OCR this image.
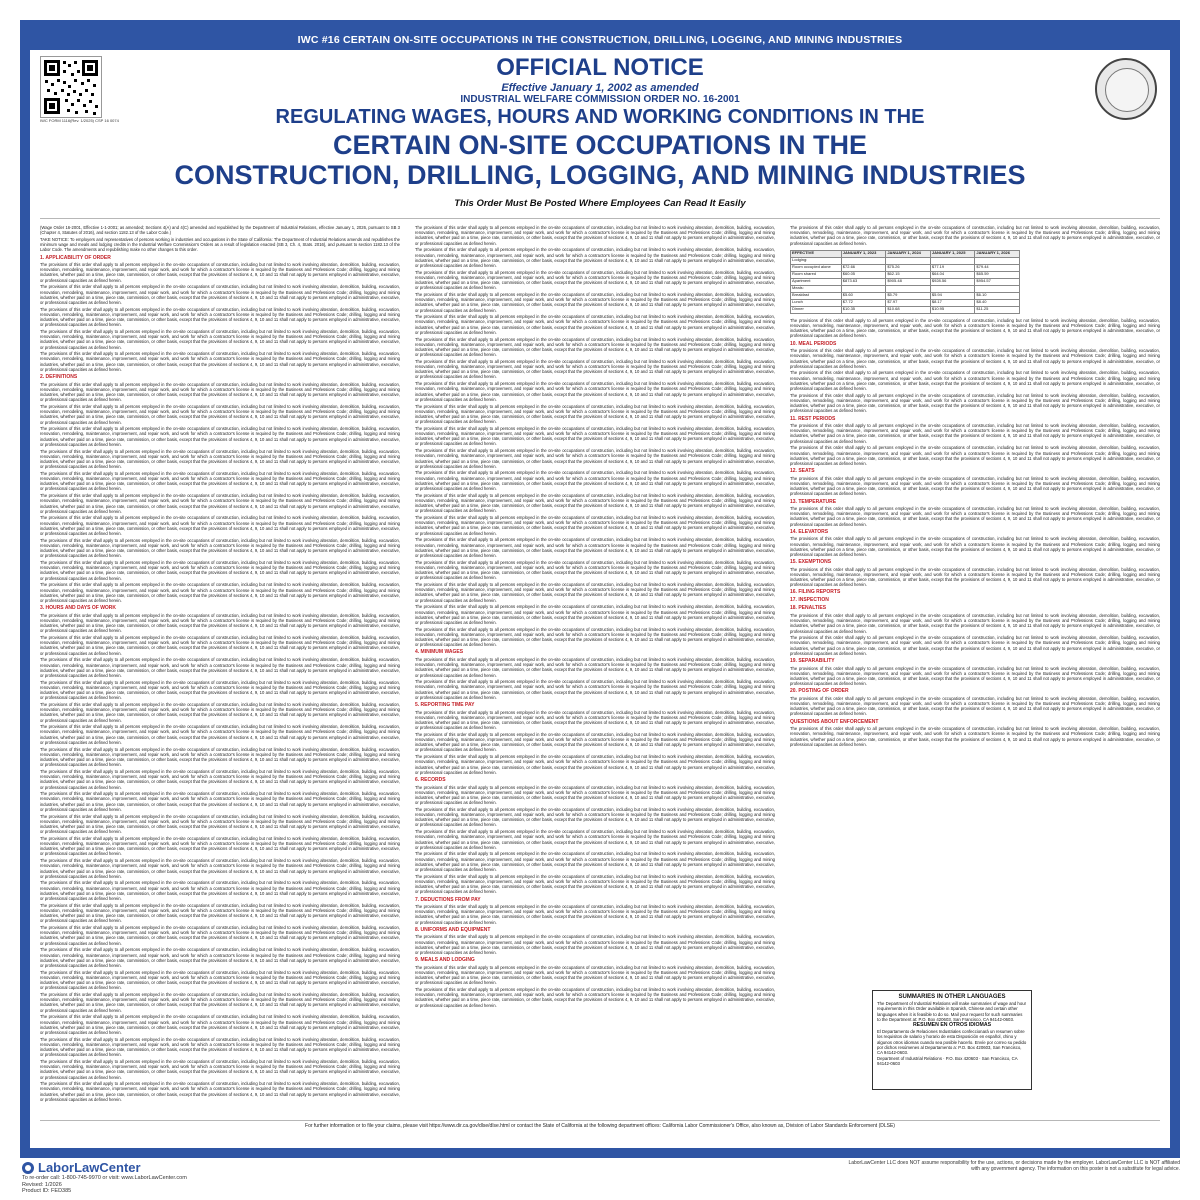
IWC #16 CERTAIN ON-SITE OCCUPATIONS IN THE CONSTRUCTION, DRILLING, LOGGING, AND MINING INDUSTRIES
IWC FORM 1116(Rev. 1/2025) CSP 16 0074
OFFICIAL NOTICE
Effective January 1, 2002 as amended
INDUSTRIAL WELFARE COMMISSION ORDER NO. 16-2001
REGULATING WAGES, HOURS AND WORKING CONDITIONS IN THE
CERTAIN ON-SITE OCCUPATIONS IN THE
CONSTRUCTION, DRILLING, LOGGING, AND MINING INDUSTRIES
This Order Must Be Posted Where Employees Can Read It Easily

(Wage Order 16-2001, Effective 1-1-2001; as amended; Sections 4(A) and 4(C) amended and republished by the Department of Industrial Relations, effective January 1, 2026, pursuant to SB 3 (Chapter 4, Statutes of 2016), and section 1182.13 of the Labor Code.)

TAKE NOTICE: To employers and representatives of persons working in industries and occupations in the State of California: The Department of Industrial Relations amends and republishes the minimum wage and meals and lodging credits in the Industrial Welfare Commission's Orders as a result of legislation enacted (SB 3, Ch. 4, Stats. 2016), and pursuant to section 1182.13 of the Labor Code. The amendments and republishing make no other changes to this order.

1. APPLICABILITY OF ORDER

The provisions of this order shall apply to all persons employed in the on-site occupations of construction, including but not limited to work involving alteration, demolition, building, excavation, renovation, remodeling, maintenance, improvement, and repair work, and work for which a contractor's license is required by the Business and Professions Code; drilling, logging and mining industries, whether paid on a time, piece rate, commission, or other basis, except that the provisions of sections 4, 9, 10 and 11 shall not apply to persons employed in administrative, executive, or professional capacities as defined herein.

The provisions of this order shall apply to all persons employed in the on-site occupations of construction, including but not limited to work involving alteration, demolition, building, excavation, renovation, remodeling, maintenance, improvement, and repair work, and work for which a contractor's license is required by the Business and Professions Code; drilling, logging and mining industries, whether paid on a time, piece rate, commission, or other basis, except that the provisions of sections 4, 9, 10 and 11 shall not apply to persons employed in administrative, executive, or professional capacities as defined herein.

The provisions of this order shall apply to all persons employed in the on-site occupations of construction, including but not limited to work involving alteration, demolition, building, excavation, renovation, remodeling, maintenance, improvement, and repair work, and work for which a contractor's license is required by the Business and Professions Code; drilling, logging and mining industries, whether paid on a time, piece rate, commission, or other basis, except that the provisions of sections 4, 9, 10 and 11 shall not apply to persons employed in administrative, executive, or professional capacities as defined herein.

The provisions of this order shall apply to all persons employed in the on-site occupations of construction, including but not limited to work involving alteration, demolition, building, excavation, renovation, remodeling, maintenance, improvement, and repair work, and work for which a contractor's license is required by the Business and Professions Code; drilling, logging and mining industries, whether paid on a time, piece rate, commission, or other basis, except that the provisions of sections 4, 9, 10 and 11 shall not apply to persons employed in administrative, executive, or professional capacities as defined herein.

The provisions of this order shall apply to all persons employed in the on-site occupations of construction, including but not limited to work involving alteration, demolition, building, excavation, renovation, remodeling, maintenance, improvement, and repair work, and work for which a contractor's license is required by the Business and Professions Code; drilling, logging and mining industries, whether paid on a time, piece rate, commission, or other basis, except that the provisions of sections 4, 9, 10 and 11 shall not apply to persons employed in administrative, executive, or professional capacities as defined herein.

2. DEFINITIONS

The provisions of this order shall apply to all persons employed in the on-site occupations of construction, including but not limited to work involving alteration, demolition, building, excavation, renovation, remodeling, maintenance, improvement, and repair work, and work for which a contractor's license is required by the Business and Professions Code; drilling, logging and mining industries, whether paid on a time, piece rate, commission, or other basis, except that the provisions of sections 4, 9, 10 and 11 shall not apply to persons employed in administrative, executive, or professional capacities as defined herein.

The provisions of this order shall apply to all persons employed in the on-site occupations of construction, including but not limited to work involving alteration, demolition, building, excavation, renovation, remodeling, maintenance, improvement, and repair work, and work for which a contractor's license is required by the Business and Professions Code; drilling, logging and mining industries, whether paid on a time, piece rate, commission, or other basis, except that the provisions of sections 4, 9, 10 and 11 shall not apply to persons employed in administrative, executive, or professional capacities as defined herein.

The provisions of this order shall apply to all persons employed in the on-site occupations of construction, including but not limited to work involving alteration, demolition, building, excavation, renovation, remodeling, maintenance, improvement, and repair work, and work for which a contractor's license is required by the Business and Professions Code; drilling, logging and mining industries, whether paid on a time, piece rate, commission, or other basis, except that the provisions of sections 4, 9, 10 and 11 shall not apply to persons employed in administrative, executive, or professional capacities as defined herein.

The provisions of this order shall apply to all persons employed in the on-site occupations of construction, including but not limited to work involving alteration, demolition, building, excavation, renovation, remodeling, maintenance, improvement, and repair work, and work for which a contractor's license is required by the Business and Professions Code; drilling, logging and mining industries, whether paid on a time, piece rate, commission, or other basis, except that the provisions of sections 4, 9, 10 and 11 shall not apply to persons employed in administrative, executive, or professional capacities as defined herein.

The provisions of this order shall apply to all persons employed in the on-site occupations of construction, including but not limited to work involving alteration, demolition, building, excavation, renovation, remodeling, maintenance, improvement, and repair work, and work for which a contractor's license is required by the Business and Professions Code; drilling, logging and mining industries, whether paid on a time, piece rate, commission, or other basis, except that the provisions of sections 4, 9, 10 and 11 shall not apply to persons employed in administrative, executive, or professional capacities as defined herein.

The provisions of this order shall apply to all persons employed in the on-site occupations of construction, including but not limited to work involving alteration, demolition, building, excavation, renovation, remodeling, maintenance, improvement, and repair work, and work for which a contractor's license is required by the Business and Professions Code; drilling, logging and mining industries, whether paid on a time, piece rate, commission, or other basis, except that the provisions of sections 4, 9, 10 and 11 shall not apply to persons employed in administrative, executive, or professional capacities as defined herein.

The provisions of this order shall apply to all persons employed in the on-site occupations of construction, including but not limited to work involving alteration, demolition, building, excavation, renovation, remodeling, maintenance, improvement, and repair work, and work for which a contractor's license is required by the Business and Professions Code; drilling, logging and mining industries, whether paid on a time, piece rate, commission, or other basis, except that the provisions of sections 4, 9, 10 and 11 shall not apply to persons employed in administrative, executive, or professional capacities as defined herein.

The provisions of this order shall apply to all persons employed in the on-site occupations of construction, including but not limited to work involving alteration, demolition, building, excavation, renovation, remodeling, maintenance, improvement, and repair work, and work for which a contractor's license is required by the Business and Professions Code; drilling, logging and mining industries, whether paid on a time, piece rate, commission, or other basis, except that the provisions of sections 4, 9, 10 and 11 shall not apply to persons employed in administrative, executive, or professional capacities as defined herein.

The provisions of this order shall apply to all persons employed in the on-site occupations of construction, including but not limited to work involving alteration, demolition, building, excavation, renovation, remodeling, maintenance, improvement, and repair work, and work for which a contractor's license is required by the Business and Professions Code; drilling, logging and mining industries, whether paid on a time, piece rate, commission, or other basis, except that the provisions of sections 4, 9, 10 and 11 shall not apply to persons employed in administrative, executive, or professional capacities as defined herein.

The provisions of this order shall apply to all persons employed in the on-site occupations of construction, including but not limited to work involving alteration, demolition, building, excavation, renovation, remodeling, maintenance, improvement, and repair work, and work for which a contractor's license is required by the Business and Professions Code; drilling, logging and mining industries, whether paid on a time, piece rate, commission, or other basis, except that the provisions of sections 4, 9, 10 and 11 shall not apply to persons employed in administrative, executive, or professional capacities as defined herein.

3. HOURS AND DAYS OF WORK

The provisions of this order shall apply to all persons employed in the on-site occupations of construction, including but not limited to work involving alteration, demolition, building, excavation, renovation, remodeling, maintenance, improvement, and repair work, and work for which a contractor's license is required by the Business and Professions Code; drilling, logging and mining industries, whether paid on a time, piece rate, commission, or other basis, except that the provisions of sections 4, 9, 10 and 11 shall not apply to persons employed in administrative, executive, or professional capacities as defined herein.

The provisions of this order shall apply to all persons employed in the on-site occupations of construction, including but not limited to work involving alteration, demolition, building, excavation, renovation, remodeling, maintenance, improvement, and repair work, and work for which a contractor's license is required by the Business and Professions Code; drilling, logging and mining industries, whether paid on a time, piece rate, commission, or other basis, except that the provisions of sections 4, 9, 10 and 11 shall not apply to persons employed in administrative, executive, or professional capacities as defined herein.

The provisions of this order shall apply to all persons employed in the on-site occupations of construction, including but not limited to work involving alteration, demolition, building, excavation, renovation, remodeling, maintenance, improvement, and repair work, and work for which a contractor's license is required by the Business and Professions Code; drilling, logging and mining industries, whether paid on a time, piece rate, commission, or other basis, except that the provisions of sections 4, 9, 10 and 11 shall not apply to persons employed in administrative, executive, or professional capacities as defined herein.

The provisions of this order shall apply to all persons employed in the on-site occupations of construction, including but not limited to work involving alteration, demolition, building, excavation, renovation, remodeling, maintenance, improvement, and repair work, and work for which a contractor's license is required by the Business and Professions Code; drilling, logging and mining industries, whether paid on a time, piece rate, commission, or other basis, except that the provisions of sections 4, 9, 10 and 11 shall not apply to persons employed in administrative, executive, or professional capacities as defined herein.

The provisions of this order shall apply to all persons employed in the on-site occupations of construction, including but not limited to work involving alteration, demolition, building, excavation, renovation, remodeling, maintenance, improvement, and repair work, and work for which a contractor's license is required by the Business and Professions Code; drilling, logging and mining industries, whether paid on a time, piece rate, commission, or other basis, except that the provisions of sections 4, 9, 10 and 11 shall not apply to persons employed in administrative, executive, or professional capacities as defined herein.

The provisions of this order shall apply to all persons employed in the on-site occupations of construction, including but not limited to work involving alteration, demolition, building, excavation, renovation, remodeling, maintenance, improvement, and repair work, and work for which a contractor's license is required by the Business and Professions Code; drilling, logging and mining industries, whether paid on a time, piece rate, commission, or other basis, except that the provisions of sections 4, 9, 10 and 11 shall not apply to persons employed in administrative, executive, or professional capacities as defined herein.

The provisions of this order shall apply to all persons employed in the on-site occupations of construction, including but not limited to work involving alteration, demolition, building, excavation, renovation, remodeling, maintenance, improvement, and repair work, and work for which a contractor's license is required by the Business and Professions Code; drilling, logging and mining industries, whether paid on a time, piece rate, commission, or other basis, except that the provisions of sections 4, 9, 10 and 11 shall not apply to persons employed in administrative, executive, or professional capacities as defined herein.

The provisions of this order shall apply to all persons employed in the on-site occupations of construction, including but not limited to work involving alteration, demolition, building, excavation, renovation, remodeling, maintenance, improvement, and repair work, and work for which a contractor's license is required by the Business and Professions Code; drilling, logging and mining industries, whether paid on a time, piece rate, commission, or other basis, except that the provisions of sections 4, 9, 10 and 11 shall not apply to persons employed in administrative, executive, or professional capacities as defined herein.

The provisions of this order shall apply to all persons employed in the on-site occupations of construction, including but not limited to work involving alteration, demolition, building, excavation, renovation, remodeling, maintenance, improvement, and repair work, and work for which a contractor's license is required by the Business and Professions Code; drilling, logging and mining industries, whether paid on a time, piece rate, commission, or other basis, except that the provisions of sections 4, 9, 10 and 11 shall not apply to persons employed in administrative, executive, or professional capacities as defined herein.

The provisions of this order shall apply to all persons employed in the on-site occupations of construction, including but not limited to work involving alteration, demolition, building, excavation, renovation, remodeling, maintenance, improvement, and repair work, and work for which a contractor's license is required by the Business and Professions Code; drilling, logging and mining industries, whether paid on a time, piece rate, commission, or other basis, except that the provisions of sections 4, 9, 10 and 11 shall not apply to persons employed in administrative, executive, or professional capacities as defined herein.

The provisions of this order shall apply to all persons employed in the on-site occupations of construction, including but not limited to work involving alteration, demolition, building, excavation, renovation, remodeling, maintenance, improvement, and repair work, and work for which a contractor's license is required by the Business and Professions Code; drilling, logging and mining industries, whether paid on a time, piece rate, commission, or other basis, except that the provisions of sections 4, 9, 10 and 11 shall not apply to persons employed in administrative, executive, or professional capacities as defined herein.

The provisions of this order shall apply to all persons employed in the on-site occupations of construction, including but not limited to work involving alteration, demolition, building, excavation, renovation, remodeling, maintenance, improvement, and repair work, and work for which a contractor's license is required by the Business and Professions Code; drilling, logging and mining industries, whether paid on a time, piece rate, commission, or other basis, except that the provisions of sections 4, 9, 10 and 11 shall not apply to persons employed in administrative, executive, or professional capacities as defined herein.

The provisions of this order shall apply to all persons employed in the on-site occupations of construction, including but not limited to work involving alteration, demolition, building, excavation, renovation, remodeling, maintenance, improvement, and repair work, and work for which a contractor's license is required by the Business and Professions Code; drilling, logging and mining industries, whether paid on a time, piece rate, commission, or other basis, except that the provisions of sections 4, 9, 10 and 11 shall not apply to persons employed in administrative, executive, or professional capacities as defined herein.

The provisions of this order shall apply to all persons employed in the on-site occupations of construction, including but not limited to work involving alteration, demolition, building, excavation, renovation, remodeling, maintenance, improvement, and repair work, and work for which a contractor's license is required by the Business and Professions Code; drilling, logging and mining industries, whether paid on a time, piece rate, commission, or other basis, except that the provisions of sections 4, 9, 10 and 11 shall not apply to persons employed in administrative, executive, or professional capacities as defined herein.

The provisions of this order shall apply to all persons employed in the on-site occupations of construction, including but not limited to work involving alteration, demolition, building, excavation, renovation, remodeling, maintenance, improvement, and repair work, and work for which a contractor's license is required by the Business and Professions Code; drilling, logging and mining industries, whether paid on a time, piece rate, commission, or other basis, except that the provisions of sections 4, 9, 10 and 11 shall not apply to persons employed in administrative, executive, or professional capacities as defined herein.

The provisions of this order shall apply to all persons employed in the on-site occupations of construction, including but not limited to work involving alteration, demolition, building, excavation, renovation, remodeling, maintenance, improvement, and repair work, and work for which a contractor's license is required by the Business and Professions Code; drilling, logging and mining industries, whether paid on a time, piece rate, commission, or other basis, except that the provisions of sections 4, 9, 10 and 11 shall not apply to persons employed in administrative, executive, or professional capacities as defined herein.

The provisions of this order shall apply to all persons employed in the on-site occupations of construction, including but not limited to work involving alteration, demolition, building, excavation, renovation, remodeling, maintenance, improvement, and repair work, and work for which a contractor's license is required by the Business and Professions Code; drilling, logging and mining industries, whether paid on a time, piece rate, commission, or other basis, except that the provisions of sections 4, 9, 10 and 11 shall not apply to persons employed in administrative, executive, or professional capacities as defined herein.

The provisions of this order shall apply to all persons employed in the on-site occupations of construction, including but not limited to work involving alteration, demolition, building, excavation, renovation, remodeling, maintenance, improvement, and repair work, and work for which a contractor's license is required by the Business and Professions Code; drilling, logging and mining industries, whether paid on a time, piece rate, commission, or other basis, except that the provisions of sections 4, 9, 10 and 11 shall not apply to persons employed in administrative, executive, or professional capacities as defined herein.

The provisions of this order shall apply to all persons employed in the on-site occupations of construction, including but not limited to work involving alteration, demolition, building, excavation, renovation, remodeling, maintenance, improvement, and repair work, and work for which a contractor's license is required by the Business and Professions Code; drilling, logging and mining industries, whether paid on a time, piece rate, commission, or other basis, except that the provisions of sections 4, 9, 10 and 11 shall not apply to persons employed in administrative, executive, or professional capacities as defined herein.

The provisions of this order shall apply to all persons employed in the on-site occupations of construction, including but not limited to work involving alteration, demolition, building, excavation, renovation, remodeling, maintenance, improvement, and repair work, and work for which a contractor's license is required by the Business and Professions Code; drilling, logging and mining industries, whether paid on a time, piece rate, commission, or other basis, except that the provisions of sections 4, 9, 10 and 11 shall not apply to persons employed in administrative, executive, or professional capacities as defined herein.

The provisions of this order shall apply to all persons employed in the on-site occupations of construction, including but not limited to work involving alteration, demolition, building, excavation, renovation, remodeling, maintenance, improvement, and repair work, and work for which a contractor's license is required by the Business and Professions Code; drilling, logging and mining industries, whether paid on a time, piece rate, commission, or other basis, except that the provisions of sections 4, 9, 10 and 11 shall not apply to persons employed in administrative, executive, or professional capacities as defined herein.

The provisions of this order shall apply to all persons employed in the on-site occupations of construction, including but not limited to work involving alteration, demolition, building, excavation, renovation, remodeling, maintenance, improvement, and repair work, and work for which a contractor's license is required by the Business and Professions Code; drilling, logging and mining industries, whether paid on a time, piece rate, commission, or other basis, except that the provisions of sections 4, 9, 10 and 11 shall not apply to persons employed in administrative, executive, or professional capacities as defined herein.

The provisions of this order shall apply to all persons employed in the on-site occupations of construction, including but not limited to work involving alteration, demolition, building, excavation, renovation, remodeling, maintenance, improvement, and repair work, and work for which a contractor's license is required by the Business and Professions Code; drilling, logging and mining industries, whether paid on a time, piece rate, commission, or other basis, except that the provisions of sections 4, 9, 10 and 11 shall not apply to persons employed in administrative, executive, or professional capacities as defined herein.

The provisions of this order shall apply to all persons employed in the on-site occupations of construction, including but not limited to work involving alteration, demolition, building, excavation, renovation, remodeling, maintenance, improvement, and repair work, and work for which a contractor's license is required by the Business and Professions Code; drilling, logging and mining industries, whether paid on a time, piece rate, commission, or other basis, except that the provisions of sections 4, 9, 10 and 11 shall not apply to persons employed in administrative, executive, or professional capacities as defined herein.

The provisions of this order shall apply to all persons employed in the on-site occupations of construction, including but not limited to work involving alteration, demolition, building, excavation, renovation, remodeling, maintenance, improvement, and repair work, and work for which a contractor's license is required by the Business and Professions Code; drilling, logging and mining industries, whether paid on a time, piece rate, commission, or other basis, except that the provisions of sections 4, 9, 10 and 11 shall not apply to persons employed in administrative, executive, or professional capacities as defined herein.

The provisions of this order shall apply to all persons employed in the on-site occupations of construction, including but not limited to work involving alteration, demolition, building, excavation, renovation, remodeling, maintenance, improvement, and repair work, and work for which a contractor's license is required by the Business and Professions Code; drilling, logging and mining industries, whether paid on a time, piece rate, commission, or other basis, except that the provisions of sections 4, 9, 10 and 11 shall not apply to persons employed in administrative, executive, or professional capacities as defined herein.

The provisions of this order shall apply to all persons employed in the on-site occupations of construction, including but not limited to work involving alteration, demolition, building, excavation, renovation, remodeling, maintenance, improvement, and repair work, and work for which a contractor's license is required by the Business and Professions Code; drilling, logging and mining industries, whether paid on a time, piece rate, commission, or other basis, except that the provisions of sections 4, 9, 10 and 11 shall not apply to persons employed in administrative, executive, or professional capacities as defined herein.

The provisions of this order shall apply to all persons employed in the on-site occupations of construction, including but not limited to work involving alteration, demolition, building, excavation, renovation, remodeling, maintenance, improvement, and repair work, and work for which a contractor's license is required by the Business and Professions Code; drilling, logging and mining industries, whether paid on a time, piece rate, commission, or other basis, except that the provisions of sections 4, 9, 10 and 11 shall not apply to persons employed in administrative, executive, or professional capacities as defined herein.

The provisions of this order shall apply to all persons employed in the on-site occupations of construction, including but not limited to work involving alteration, demolition, building, excavation, renovation, remodeling, maintenance, improvement, and repair work, and work for which a contractor's license is required by the Business and Professions Code; drilling, logging and mining industries, whether paid on a time, piece rate, commission, or other basis, except that the provisions of sections 4, 9, 10 and 11 shall not apply to persons employed in administrative, executive, or professional capacities as defined herein.

The provisions of this order shall apply to all persons employed in the on-site occupations of construction, including but not limited to work involving alteration, demolition, building, excavation, renovation, remodeling, maintenance, improvement, and repair work, and work for which a contractor's license is required by the Business and Professions Code; drilling, logging and mining industries, whether paid on a time, piece rate, commission, or other basis, except that the provisions of sections 4, 9, 10 and 11 shall not apply to persons employed in administrative, executive, or professional capacities as defined herein.

The provisions of this order shall apply to all persons employed in the on-site occupations of construction, including but not limited to work involving alteration, demolition, building, excavation, renovation, remodeling, maintenance, improvement, and repair work, and work for which a contractor's license is required by the Business and Professions Code; drilling, logging and mining industries, whether paid on a time, piece rate, commission, or other basis, except that the provisions of sections 4, 9, 10 and 11 shall not apply to persons employed in administrative, executive, or professional capacities as defined herein.

The provisions of this order shall apply to all persons employed in the on-site occupations of construction, including but not limited to work involving alteration, demolition, building, excavation, renovation, remodeling, maintenance, improvement, and repair work, and work for which a contractor's license is required by the Business and Professions Code; drilling, logging and mining industries, whether paid on a time, piece rate, commission, or other basis, except that the provisions of sections 4, 9, 10 and 11 shall not apply to persons employed in administrative, executive, or professional capacities as defined herein.

The provisions of this order shall apply to all persons employed in the on-site occupations of construction, including but not limited to work involving alteration, demolition, building, excavation, renovation, remodeling, maintenance, improvement, and repair work, and work for which a contractor's license is required by the Business and Professions Code; drilling, logging and mining industries, whether paid on a time, piece rate, commission, or other basis, except that the provisions of sections 4, 9, 10 and 11 shall not apply to persons employed in administrative, executive, or professional capacities as defined herein.

The provisions of this order shall apply to all persons employed in the on-site occupations of construction, including but not limited to work involving alteration, demolition, building, excavation, renovation, remodeling, maintenance, improvement, and repair work, and work for which a contractor's license is required by the Business and Professions Code; drilling, logging and mining industries, whether paid on a time, piece rate, commission, or other basis, except that the provisions of sections 4, 9, 10 and 11 shall not apply to persons employed in administrative, executive, or professional capacities as defined herein.

The provisions of this order shall apply to all persons employed in the on-site occupations of construction, including but not limited to work involving alteration, demolition, building, excavation, renovation, remodeling, maintenance, improvement, and repair work, and work for which a contractor's license is required by the Business and Professions Code; drilling, logging and mining industries, whether paid on a time, piece rate, commission, or other basis, except that the provisions of sections 4, 9, 10 and 11 shall not apply to persons employed in administrative, executive, or professional capacities as defined herein.

The provisions of this order shall apply to all persons employed in the on-site occupations of construction, including but not limited to work involving alteration, demolition, building, excavation, renovation, remodeling, maintenance, improvement, and repair work, and work for which a contractor's license is required by the Business and Professions Code; drilling, logging and mining industries, whether paid on a time, piece rate, commission, or other basis, except that the provisions of sections 4, 9, 10 and 11 shall not apply to persons employed in administrative, executive, or professional capacities as defined herein.

The provisions of this order shall apply to all persons employed in the on-site occupations of construction, including but not limited to work involving alteration, demolition, building, excavation, renovation, remodeling, maintenance, improvement, and repair work, and work for which a contractor's license is required by the Business and Professions Code; drilling, logging and mining industries, whether paid on a time, piece rate, commission, or other basis, except that the provisions of sections 4, 9, 10 and 11 shall not apply to persons employed in administrative, executive, or professional capacities as defined herein.

The provisions of this order shall apply to all persons employed in the on-site occupations of construction, including but not limited to work involving alteration, demolition, building, excavation, renovation, remodeling, maintenance, improvement, and repair work, and work for which a contractor's license is required by the Business and Professions Code; drilling, logging and mining industries, whether paid on a time, piece rate, commission, or other basis, except that the provisions of sections 4, 9, 10 and 11 shall not apply to persons employed in administrative, executive, or professional capacities as defined herein.

The provisions of this order shall apply to all persons employed in the on-site occupations of construction, including but not limited to work involving alteration, demolition, building, excavation, renovation, remodeling, maintenance, improvement, and repair work, and work for which a contractor's license is required by the Business and Professions Code; drilling, logging and mining industries, whether paid on a time, piece rate, commission, or other basis, except that the provisions of sections 4, 9, 10 and 11 shall not apply to persons employed in administrative, executive, or professional capacities as defined herein.

The provisions of this order shall apply to all persons employed in the on-site occupations of construction, including but not limited to work involving alteration, demolition, building, excavation, renovation, remodeling, maintenance, improvement, and repair work, and work for which a contractor's license is required by the Business and Professions Code; drilling, logging and mining industries, whether paid on a time, piece rate, commission, or other basis, except that the provisions of sections 4, 9, 10 and 11 shall not apply to persons employed in administrative, executive, or professional capacities as defined herein.

The provisions of this order shall apply to all persons employed in the on-site occupations of construction, including but not limited to work involving alteration, demolition, building, excavation, renovation, remodeling, maintenance, improvement, and repair work, and work for which a contractor's license is required by the Business and Professions Code; drilling, logging and mining industries, whether paid on a time, piece rate, commission, or other basis, except that the provisions of sections 4, 9, 10 and 11 shall not apply to persons employed in administrative, executive, or professional capacities as defined herein.

4. MINIMUM WAGES

The provisions of this order shall apply to all persons employed in the on-site occupations of construction, including but not limited to work involving alteration, demolition, building, excavation, renovation, remodeling, maintenance, improvement, and repair work, and work for which a contractor's license is required by the Business and Professions Code; drilling, logging and mining industries, whether paid on a time, piece rate, commission, or other basis, except that the provisions of sections 4, 9, 10 and 11 shall not apply to persons employed in administrative, executive, or professional capacities as defined herein.

The provisions of this order shall apply to all persons employed in the on-site occupations of construction, including but not limited to work involving alteration, demolition, building, excavation, renovation, remodeling, maintenance, improvement, and repair work, and work for which a contractor's license is required by the Business and Professions Code; drilling, logging and mining industries, whether paid on a time, piece rate, commission, or other basis, except that the provisions of sections 4, 9, 10 and 11 shall not apply to persons employed in administrative, executive, or professional capacities as defined herein.

5. REPORTING TIME PAY

The provisions of this order shall apply to all persons employed in the on-site occupations of construction, including but not limited to work involving alteration, demolition, building, excavation, renovation, remodeling, maintenance, improvement, and repair work, and work for which a contractor's license is required by the Business and Professions Code; drilling, logging and mining industries, whether paid on a time, piece rate, commission, or other basis, except that the provisions of sections 4, 9, 10 and 11 shall not apply to persons employed in administrative, executive, or professional capacities as defined herein.

The provisions of this order shall apply to all persons employed in the on-site occupations of construction, including but not limited to work involving alteration, demolition, building, excavation, renovation, remodeling, maintenance, improvement, and repair work, and work for which a contractor's license is required by the Business and Professions Code; drilling, logging and mining industries, whether paid on a time, piece rate, commission, or other basis, except that the provisions of sections 4, 9, 10 and 11 shall not apply to persons employed in administrative, executive, or professional capacities as defined herein.

The provisions of this order shall apply to all persons employed in the on-site occupations of construction, including but not limited to work involving alteration, demolition, building, excavation, renovation, remodeling, maintenance, improvement, and repair work, and work for which a contractor's license is required by the Business and Professions Code; drilling, logging and mining industries, whether paid on a time, piece rate, commission, or other basis, except that the provisions of sections 4, 9, 10 and 11 shall not apply to persons employed in administrative, executive, or professional capacities as defined herein.

6. RECORDS

The provisions of this order shall apply to all persons employed in the on-site occupations of construction, including but not limited to work involving alteration, demolition, building, excavation, renovation, remodeling, maintenance, improvement, and repair work, and work for which a contractor's license is required by the Business and Professions Code; drilling, logging and mining industries, whether paid on a time, piece rate, commission, or other basis, except that the provisions of sections 4, 9, 10 and 11 shall not apply to persons employed in administrative, executive, or professional capacities as defined herein.

The provisions of this order shall apply to all persons employed in the on-site occupations of construction, including but not limited to work involving alteration, demolition, building, excavation, renovation, remodeling, maintenance, improvement, and repair work, and work for which a contractor's license is required by the Business and Professions Code; drilling, logging and mining industries, whether paid on a time, piece rate, commission, or other basis, except that the provisions of sections 4, 9, 10 and 11 shall not apply to persons employed in administrative, executive, or professional capacities as defined herein.

The provisions of this order shall apply to all persons employed in the on-site occupations of construction, including but not limited to work involving alteration, demolition, building, excavation, renovation, remodeling, maintenance, improvement, and repair work, and work for which a contractor's license is required by the Business and Professions Code; drilling, logging and mining industries, whether paid on a time, piece rate, commission, or other basis, except that the provisions of sections 4, 9, 10 and 11 shall not apply to persons employed in administrative, executive, or professional capacities as defined herein.

The provisions of this order shall apply to all persons employed in the on-site occupations of construction, including but not limited to work involving alteration, demolition, building, excavation, renovation, remodeling, maintenance, improvement, and repair work, and work for which a contractor's license is required by the Business and Professions Code; drilling, logging and mining industries, whether paid on a time, piece rate, commission, or other basis, except that the provisions of sections 4, 9, 10 and 11 shall not apply to persons employed in administrative, executive, or professional capacities as defined herein.

The provisions of this order shall apply to all persons employed in the on-site occupations of construction, including but not limited to work involving alteration, demolition, building, excavation, renovation, remodeling, maintenance, improvement, and repair work, and work for which a contractor's license is required by the Business and Professions Code; drilling, logging and mining industries, whether paid on a time, piece rate, commission, or other basis, except that the provisions of sections 4, 9, 10 and 11 shall not apply to persons employed in administrative, executive, or professional capacities as defined herein.

7. DEDUCTIONS FROM PAY

The provisions of this order shall apply to all persons employed in the on-site occupations of construction, including but not limited to work involving alteration, demolition, building, excavation, renovation, remodeling, maintenance, improvement, and repair work, and work for which a contractor's license is required by the Business and Professions Code; drilling, logging and mining industries, whether paid on a time, piece rate, commission, or other basis, except that the provisions of sections 4, 9, 10 and 11 shall not apply to persons employed in administrative, executive, or professional capacities as defined herein.

8. UNIFORMS AND EQUIPMENT

The provisions of this order shall apply to all persons employed in the on-site occupations of construction, including but not limited to work involving alteration, demolition, building, excavation, renovation, remodeling, maintenance, improvement, and repair work, and work for which a contractor's license is required by the Business and Professions Code; drilling, logging and mining industries, whether paid on a time, piece rate, commission, or other basis, except that the provisions of sections 4, 9, 10 and 11 shall not apply to persons employed in administrative, executive, or professional capacities as defined herein.

9. MEALS AND LODGING

The provisions of this order shall apply to all persons employed in the on-site occupations of construction, including but not limited to work involving alteration, demolition, building, excavation, renovation, remodeling, maintenance, improvement, and repair work, and work for which a contractor's license is required by the Business and Professions Code; drilling, logging and mining industries, whether paid on a time, piece rate, commission, or other basis, except that the provisions of sections 4, 9, 10 and 11 shall not apply to persons employed in administrative, executive, or professional capacities as defined herein.

The provisions of this order shall apply to all persons employed in the on-site occupations of construction, including but not limited to work involving alteration, demolition, building, excavation, renovation, remodeling, maintenance, improvement, and repair work, and work for which a contractor's license is required by the Business and Professions Code; drilling, logging and mining industries, whether paid on a time, piece rate, commission, or other basis, except that the provisions of sections 4, 9, 10 and 11 shall not apply to persons employed in administrative, executive, or professional capacities as defined herein.

The provisions of this order shall apply to all persons employed in the on-site occupations of construction, including but not limited to work involving alteration, demolition, building, excavation, renovation, remodeling, maintenance, improvement, and repair work, and work for which a contractor's license is required by the Business and Professions Code; drilling, logging and mining industries, whether paid on a time, piece rate, commission, or other basis, except that the provisions of sections 4, 9, 10 and 11 shall not apply to persons employed in administrative, executive, or professional capacities as defined herein.

EFFECTIVE	JANUARY 1, 2023	JANUARY 1, 2024	JANUARY 1, 2025	JANUARY 1, 2026
Lodging:				
Room occupied alone	$72.66	$75.26	$77.19	$79.44
Room shared	$60.05	$62.15	$64.04	$65.59
Apartment	$873.63	$905.48	$928.56	$954.57
Meals:				
Breakfast	$5.60	$5.79	$5.94	$6.10
Lunch	$7.72	$7.97	$8.17	$8.40
Dinner	$10.35	$10.68	$10.95	$11.25

The provisions of this order shall apply to all persons employed in the on-site occupations of construction, including but not limited to work involving alteration, demolition, building, excavation, renovation, remodeling, maintenance, improvement, and repair work, and work for which a contractor's license is required by the Business and Professions Code; drilling, logging and mining industries, whether paid on a time, piece rate, commission, or other basis, except that the provisions of sections 4, 9, 10 and 11 shall not apply to persons employed in administrative, executive, or professional capacities as defined herein.

10. MEAL PERIODS

The provisions of this order shall apply to all persons employed in the on-site occupations of construction, including but not limited to work involving alteration, demolition, building, excavation, renovation, remodeling, maintenance, improvement, and repair work, and work for which a contractor's license is required by the Business and Professions Code; drilling, logging and mining industries, whether paid on a time, piece rate, commission, or other basis, except that the provisions of sections 4, 9, 10 and 11 shall not apply to persons employed in administrative, executive, or professional capacities as defined herein.

The provisions of this order shall apply to all persons employed in the on-site occupations of construction, including but not limited to work involving alteration, demolition, building, excavation, renovation, remodeling, maintenance, improvement, and repair work, and work for which a contractor's license is required by the Business and Professions Code; drilling, logging and mining industries, whether paid on a time, piece rate, commission, or other basis, except that the provisions of sections 4, 9, 10 and 11 shall not apply to persons employed in administrative, executive, or professional capacities as defined herein.

The provisions of this order shall apply to all persons employed in the on-site occupations of construction, including but not limited to work involving alteration, demolition, building, excavation, renovation, remodeling, maintenance, improvement, and repair work, and work for which a contractor's license is required by the Business and Professions Code; drilling, logging and mining industries, whether paid on a time, piece rate, commission, or other basis, except that the provisions of sections 4, 9, 10 and 11 shall not apply to persons employed in administrative, executive, or professional capacities as defined herein.

11. REST PERIODS

The provisions of this order shall apply to all persons employed in the on-site occupations of construction, including but not limited to work involving alteration, demolition, building, excavation, renovation, remodeling, maintenance, improvement, and repair work, and work for which a contractor's license is required by the Business and Professions Code; drilling, logging and mining industries, whether paid on a time, piece rate, commission, or other basis, except that the provisions of sections 4, 9, 10 and 11 shall not apply to persons employed in administrative, executive, or professional capacities as defined herein.

The provisions of this order shall apply to all persons employed in the on-site occupations of construction, including but not limited to work involving alteration, demolition, building, excavation, renovation, remodeling, maintenance, improvement, and repair work, and work for which a contractor's license is required by the Business and Professions Code; drilling, logging and mining industries, whether paid on a time, piece rate, commission, or other basis, except that the provisions of sections 4, 9, 10 and 11 shall not apply to persons employed in administrative, executive, or professional capacities as defined herein.

12. SEATS

The provisions of this order shall apply to all persons employed in the on-site occupations of construction, including but not limited to work involving alteration, demolition, building, excavation, renovation, remodeling, maintenance, improvement, and repair work, and work for which a contractor's license is required by the Business and Professions Code; drilling, logging and mining industries, whether paid on a time, piece rate, commission, or other basis, except that the provisions of sections 4, 9, 10 and 11 shall not apply to persons employed in administrative, executive, or professional capacities as defined herein.

13. TEMPERATURE

The provisions of this order shall apply to all persons employed in the on-site occupations of construction, including but not limited to work involving alteration, demolition, building, excavation, renovation, remodeling, maintenance, improvement, and repair work, and work for which a contractor's license is required by the Business and Professions Code; drilling, logging and mining industries, whether paid on a time, piece rate, commission, or other basis, except that the provisions of sections 4, 9, 10 and 11 shall not apply to persons employed in administrative, executive, or professional capacities as defined herein.

14. ELEVATORS

The provisions of this order shall apply to all persons employed in the on-site occupations of construction, including but not limited to work involving alteration, demolition, building, excavation, renovation, remodeling, maintenance, improvement, and repair work, and work for which a contractor's license is required by the Business and Professions Code; drilling, logging and mining industries, whether paid on a time, piece rate, commission, or other basis, except that the provisions of sections 4, 9, 10 and 11 shall not apply to persons employed in administrative, executive, or professional capacities as defined herein.

15. EXEMPTIONS

The provisions of this order shall apply to all persons employed in the on-site occupations of construction, including but not limited to work involving alteration, demolition, building, excavation, renovation, remodeling, maintenance, improvement, and repair work, and work for which a contractor's license is required by the Business and Professions Code; drilling, logging and mining industries, whether paid on a time, piece rate, commission, or other basis, except that the provisions of sections 4, 9, 10 and 11 shall not apply to persons employed in administrative, executive, or professional capacities as defined herein.

16. FILING REPORTS

17. INSPECTION

18. PENALTIES

The provisions of this order shall apply to all persons employed in the on-site occupations of construction, including but not limited to work involving alteration, demolition, building, excavation, renovation, remodeling, maintenance, improvement, and repair work, and work for which a contractor's license is required by the Business and Professions Code; drilling, logging and mining industries, whether paid on a time, piece rate, commission, or other basis, except that the provisions of sections 4, 9, 10 and 11 shall not apply to persons employed in administrative, executive, or professional capacities as defined herein.

The provisions of this order shall apply to all persons employed in the on-site occupations of construction, including but not limited to work involving alteration, demolition, building, excavation, renovation, remodeling, maintenance, improvement, and repair work, and work for which a contractor's license is required by the Business and Professions Code; drilling, logging and mining industries, whether paid on a time, piece rate, commission, or other basis, except that the provisions of sections 4, 9, 10 and 11 shall not apply to persons employed in administrative, executive, or professional capacities as defined herein.

19. SEPARABILITY

The provisions of this order shall apply to all persons employed in the on-site occupations of construction, including but not limited to work involving alteration, demolition, building, excavation, renovation, remodeling, maintenance, improvement, and repair work, and work for which a contractor's license is required by the Business and Professions Code; drilling, logging and mining industries, whether paid on a time, piece rate, commission, or other basis, except that the provisions of sections 4, 9, 10 and 11 shall not apply to persons employed in administrative, executive, or professional capacities as defined herein.

20. POSTING OF ORDER

The provisions of this order shall apply to all persons employed in the on-site occupations of construction, including but not limited to work involving alteration, demolition, building, excavation, renovation, remodeling, maintenance, improvement, and repair work, and work for which a contractor's license is required by the Business and Professions Code; drilling, logging and mining industries, whether paid on a time, piece rate, commission, or other basis, except that the provisions of sections 4, 9, 10 and 11 shall not apply to persons employed in administrative, executive, or professional capacities as defined herein.

QUESTIONS ABOUT ENFORCEMENT

The provisions of this order shall apply to all persons employed in the on-site occupations of construction, including but not limited to work involving alteration, demolition, building, excavation, renovation, remodeling, maintenance, improvement, and repair work, and work for which a contractor's license is required by the Business and Professions Code; drilling, logging and mining industries, whether paid on a time, piece rate, commission, or other basis, except that the provisions of sections 4, 9, 10 and 11 shall not apply to persons employed in administrative, executive, or professional capacities as defined herein.

SUMMARIES IN OTHER LANGUAGES
The Department of Industrial Relations will make summaries of wage and hour requirements in this Order available in Spanish, Chinese and certain other languages when it is feasible to do so. Mail your request for such summaries to the Department at: P.O. Box 420603, San Francisco, CA 94142-0603.
RESUMEN EN OTROS IDIOMAS
El Departamento de Relaciones Industriales confeccionará un resumen sobre los requisitos de salario y horario de esta Disposición en español, chino y algunos otros idiomas cuando sea posible hacerlo. Envíe por correo su pedido por dichos resúmenes al Departamento a: P.O. Box 420603, San Francisco, CA 94142-0603.
Department of Industrial Relations · P.O. Box 420603 · San Francisco, CA 94142-0603
For further information or to file your claims, please visit https://www.dir.ca.gov/dlse/dlse.html or contact the State of California at the following department offices: California Labor Commissioner's Office, also known as, Division of Labor Standards Enforcement (DLSE)
LaborLawCenter
To re-order call: 1-800-745-9970 or visit: www.LaborLawCenter.com
Revised: 1/2026
Product ID: FED385
LaborLawCenter LLC does NOT assume responsibility for the use, actions, or decisions made by the employer. LaborLawCenter LLC is NOT affiliated with any government agency. The information on this poster is not a substitute for legal advice.
